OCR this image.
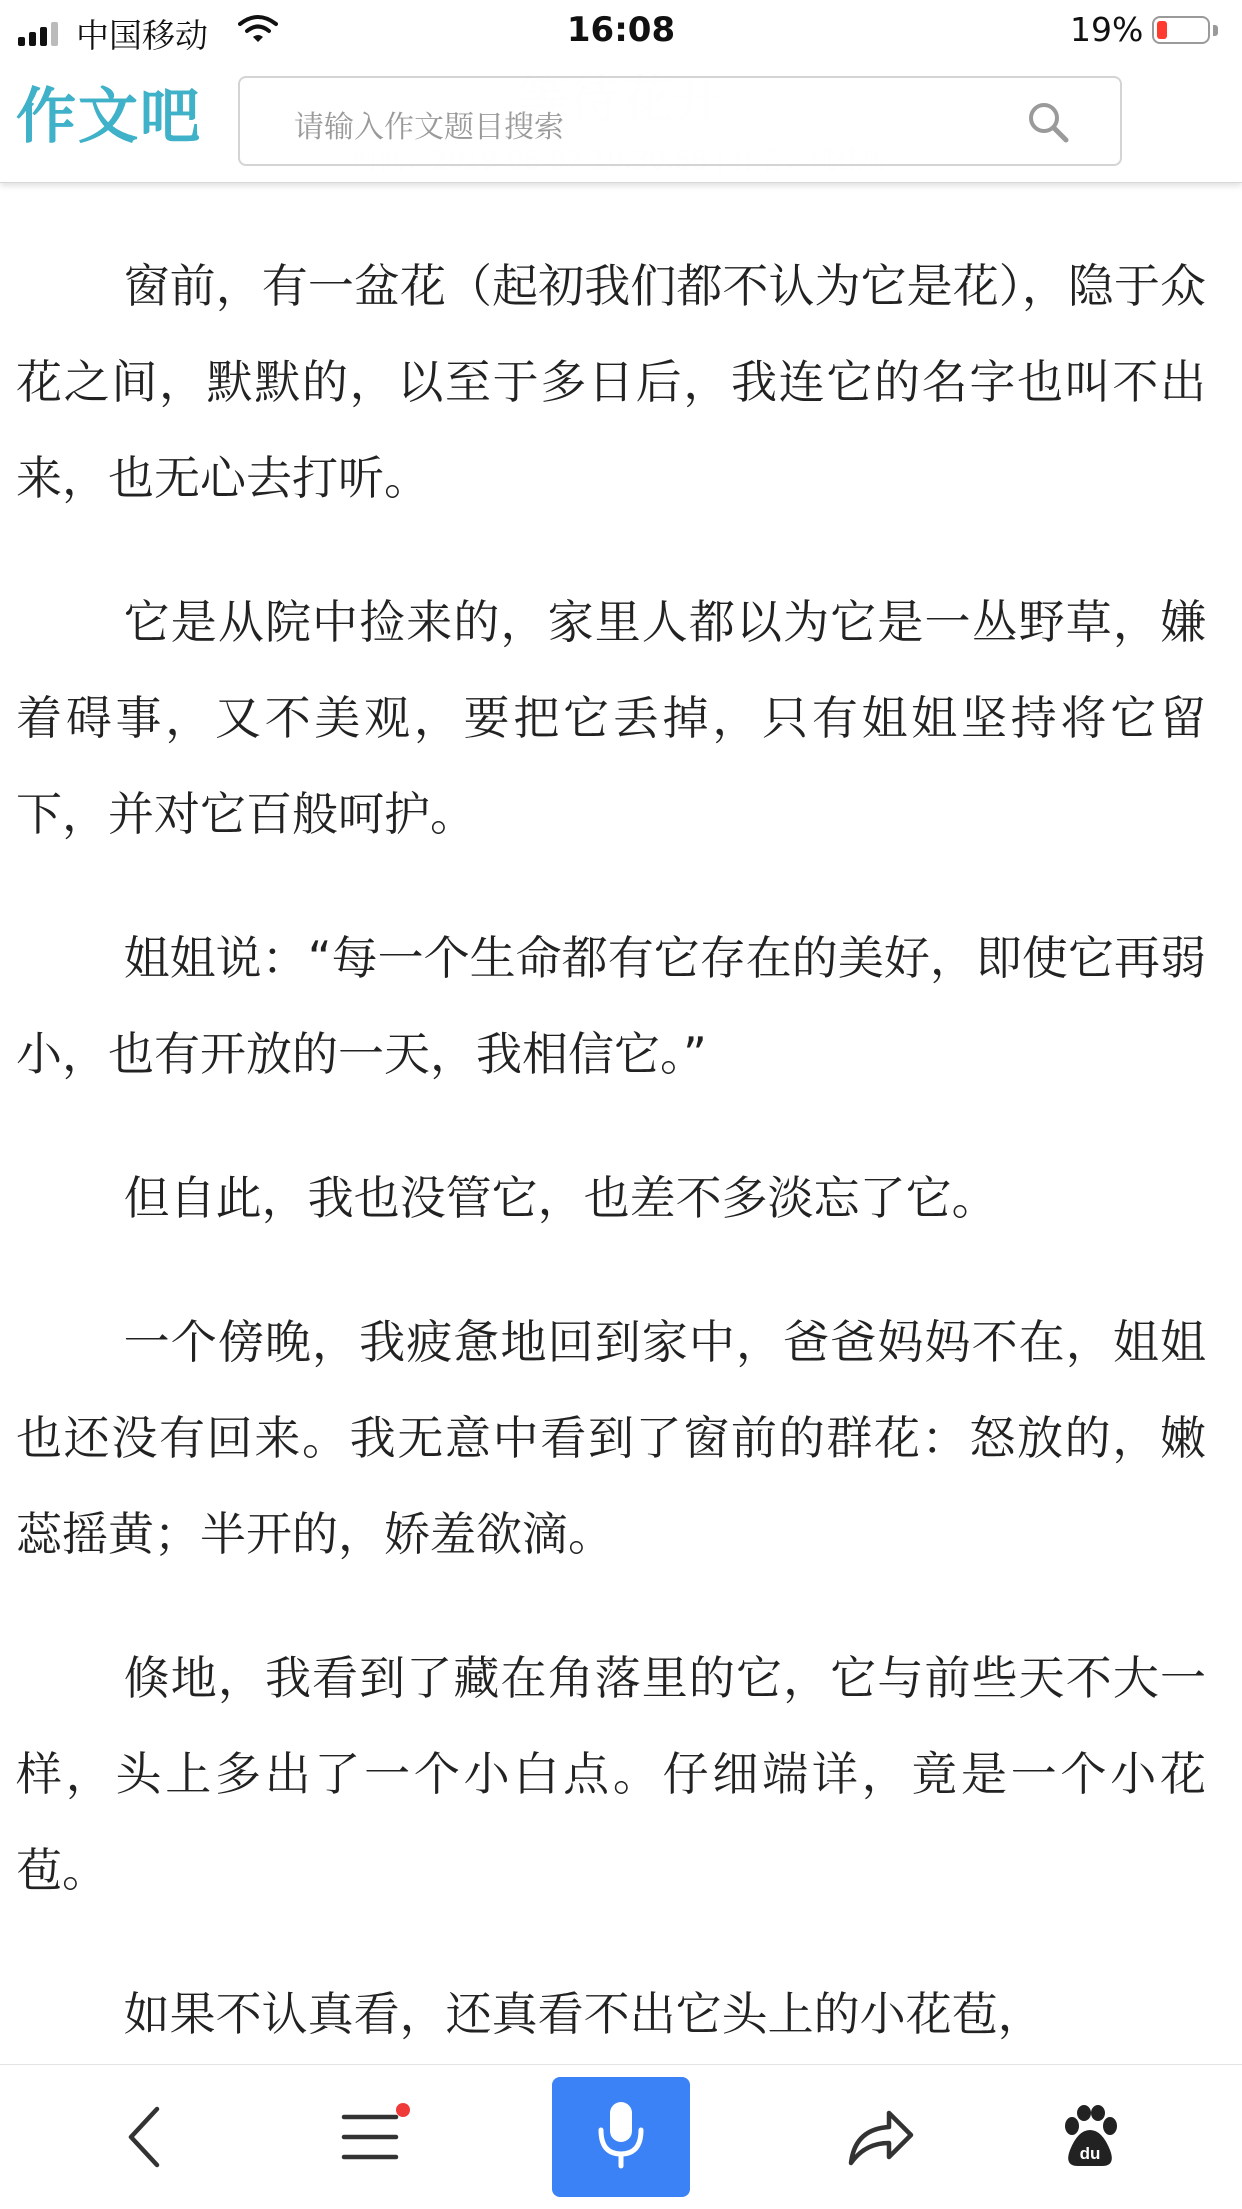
中国移动	16:08	19%
作文吧	请输入作文题目搜索

窗前，有一盆花（起初我们都不认为它是花），隐于众花之间，默默的，以至于多日后，我连它的名字也叫不出来，也无心去打听。

它是从院中捡来的，家里人都以为它是一丛野草，嫌着碍事，又不美观，要把它丢掉，只有姐姐坚持将它留下，并对它百般呵护。

姐姐说：“每一个生命都有它存在的美好，即使它再弱小，也有开放的一天，我相信它。”

但自此，我也没管它，也差不多淡忘了它。

一个傍晚，我疲惫地回到家中，爸爸妈妈不在，姐姐也还没有回来。我无意中看到了窗前的群花：怒放的，嫩蕊摇黄；半开的，娇羞欲滴。

倏地，我看到了藏在角落里的它，它与前些天不大一样，头上多出了一个小白点。仔细端详，竟是一个小花苞。

如果不认真看，还真看不出它头上的小花苞，

du
